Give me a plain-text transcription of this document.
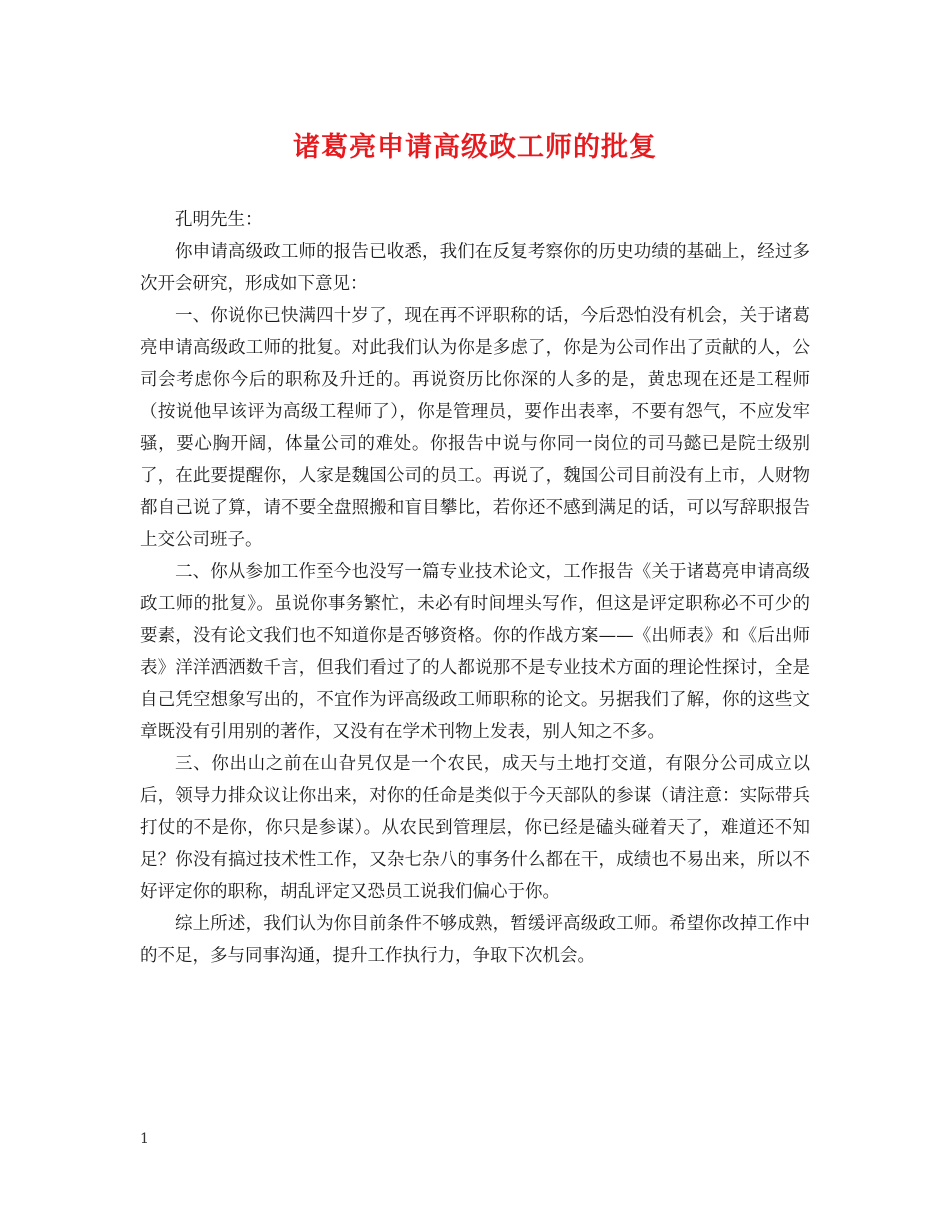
诸葛亮申请高级政工师的批复

孔明先生：

你申请高级政工师的报告已收悉，我们在反复考察你的历史功绩的基础上，经过多次开会研究，形成如下意见：

一、你说你已快满四十岁了，现在再不评职称的话，今后恐怕没有机会，关于诸葛亮申请高级政工师的批复。对此我们认为你是多虑了，你是为公司作出了贡献的人，公司会考虑你今后的职称及升迁的。再说资历比你深的人多的是，黄忠现在还是工程师（按说他早该评为高级工程师了），你是管理员，要作出表率，不要有怨气，不应发牢骚，要心胸开阔，体量公司的难处。你报告中说与你同一岗位的司马懿已是院士级别了，在此要提醒你，人家是魏国公司的员工。再说了，魏国公司目前没有上市，人财物都自己说了算，请不要全盘照搬和盲目攀比，若你还不感到满足的话，可以写辞职报告上交公司班子。

二、你从参加工作至今也没写一篇专业技术论文，工作报告《关于诸葛亮申请高级政工师的批复》。虽说你事务繁忙，未必有时间埋头写作，但这是评定职称必不可少的要素，没有论文我们也不知道你是否够资格。你的作战方案——《出师表》和《后出师表》洋洋洒洒数千言，但我们看过了的人都说那不是专业技术方面的理论性探讨，全是自己凭空想象写出的，不宜作为评高级政工师职称的论文。另据我们了解，你的这些文章既没有引用别的著作，又没有在学术刊物上发表，别人知之不多。

三、你出山之前在山旮旯仅是一个农民，成天与土地打交道，有限分公司成立以后，领导力排众议让你出来，对你的任命是类似于今天部队的参谋（请注意：实际带兵打仗的不是你，你只是参谋）。从农民到管理层，你已经是磕头碰着天了，难道还不知足？你没有搞过技术性工作，又杂七杂八的事务什么都在干，成绩也不易出来，所以不好评定你的职称，胡乱评定又恐员工说我们偏心于你。

综上所述，我们认为你目前条件不够成熟，暂缓评高级政工师。希望你改掉工作中的不足，多与同事沟通，提升工作执行力，争取下次机会。

1
